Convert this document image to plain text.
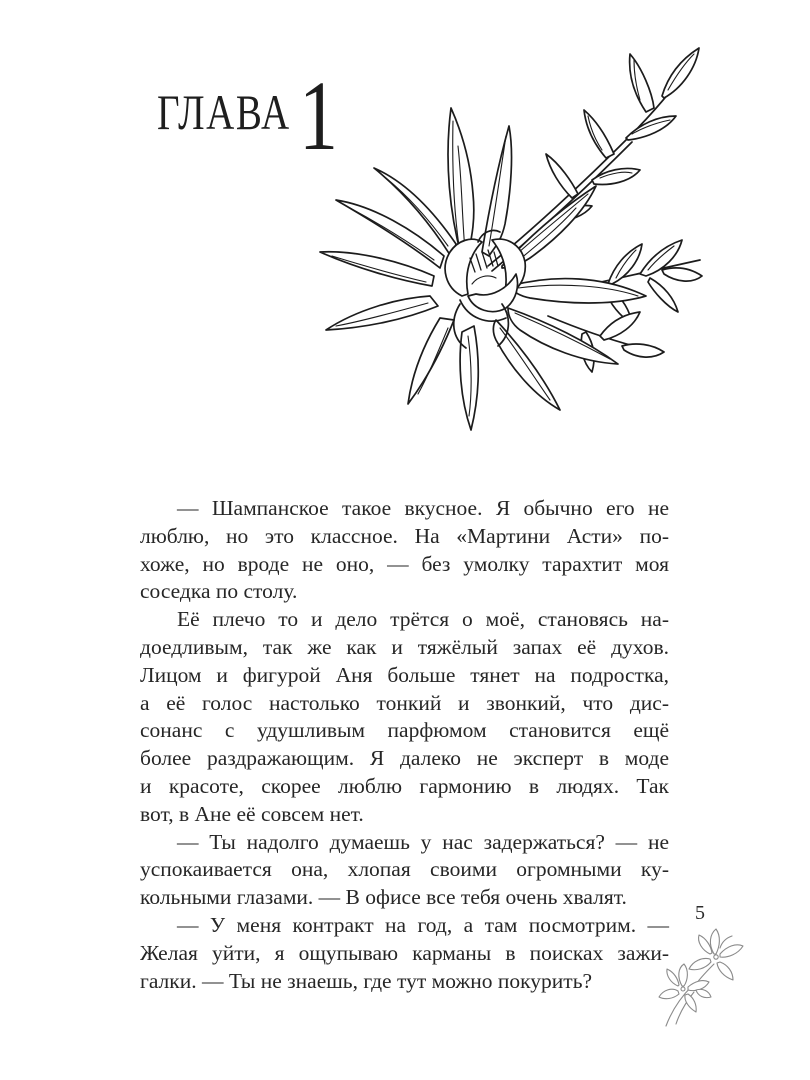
ГЛАВА 1
— Шампанское такое вкусное. Я обычно его не
люблю, но это классное. На «Мартини Асти» по-
хоже, но вроде не оно, — без умолку тарахтит моя
соседка по столу.
Её плечо то и дело трётся о моё, становясь на-
доедливым, так же как и тяжёлый запах её духов.
Лицом и фигурой Аня больше тянет на подростка,
а её голос настолько тонкий и звонкий, что дис-
сонанс с удушливым парфюмом становится ещё
более раздражающим. Я далеко не эксперт в моде
и красоте, скорее люблю гармонию в людях. Так
вот, в Ане её совсем нет.
— Ты надолго думаешь у нас задержаться? — не
успокаивается она, хлопая своими огромными ку-
кольными глазами. — В офисе все тебя очень хвалят.
— У меня контракт на год, а там посмотрим. —
Желая уйти, я ощупываю карманы в поисках зажи-
галки. — Ты не знаешь, где тут можно покурить?
5
